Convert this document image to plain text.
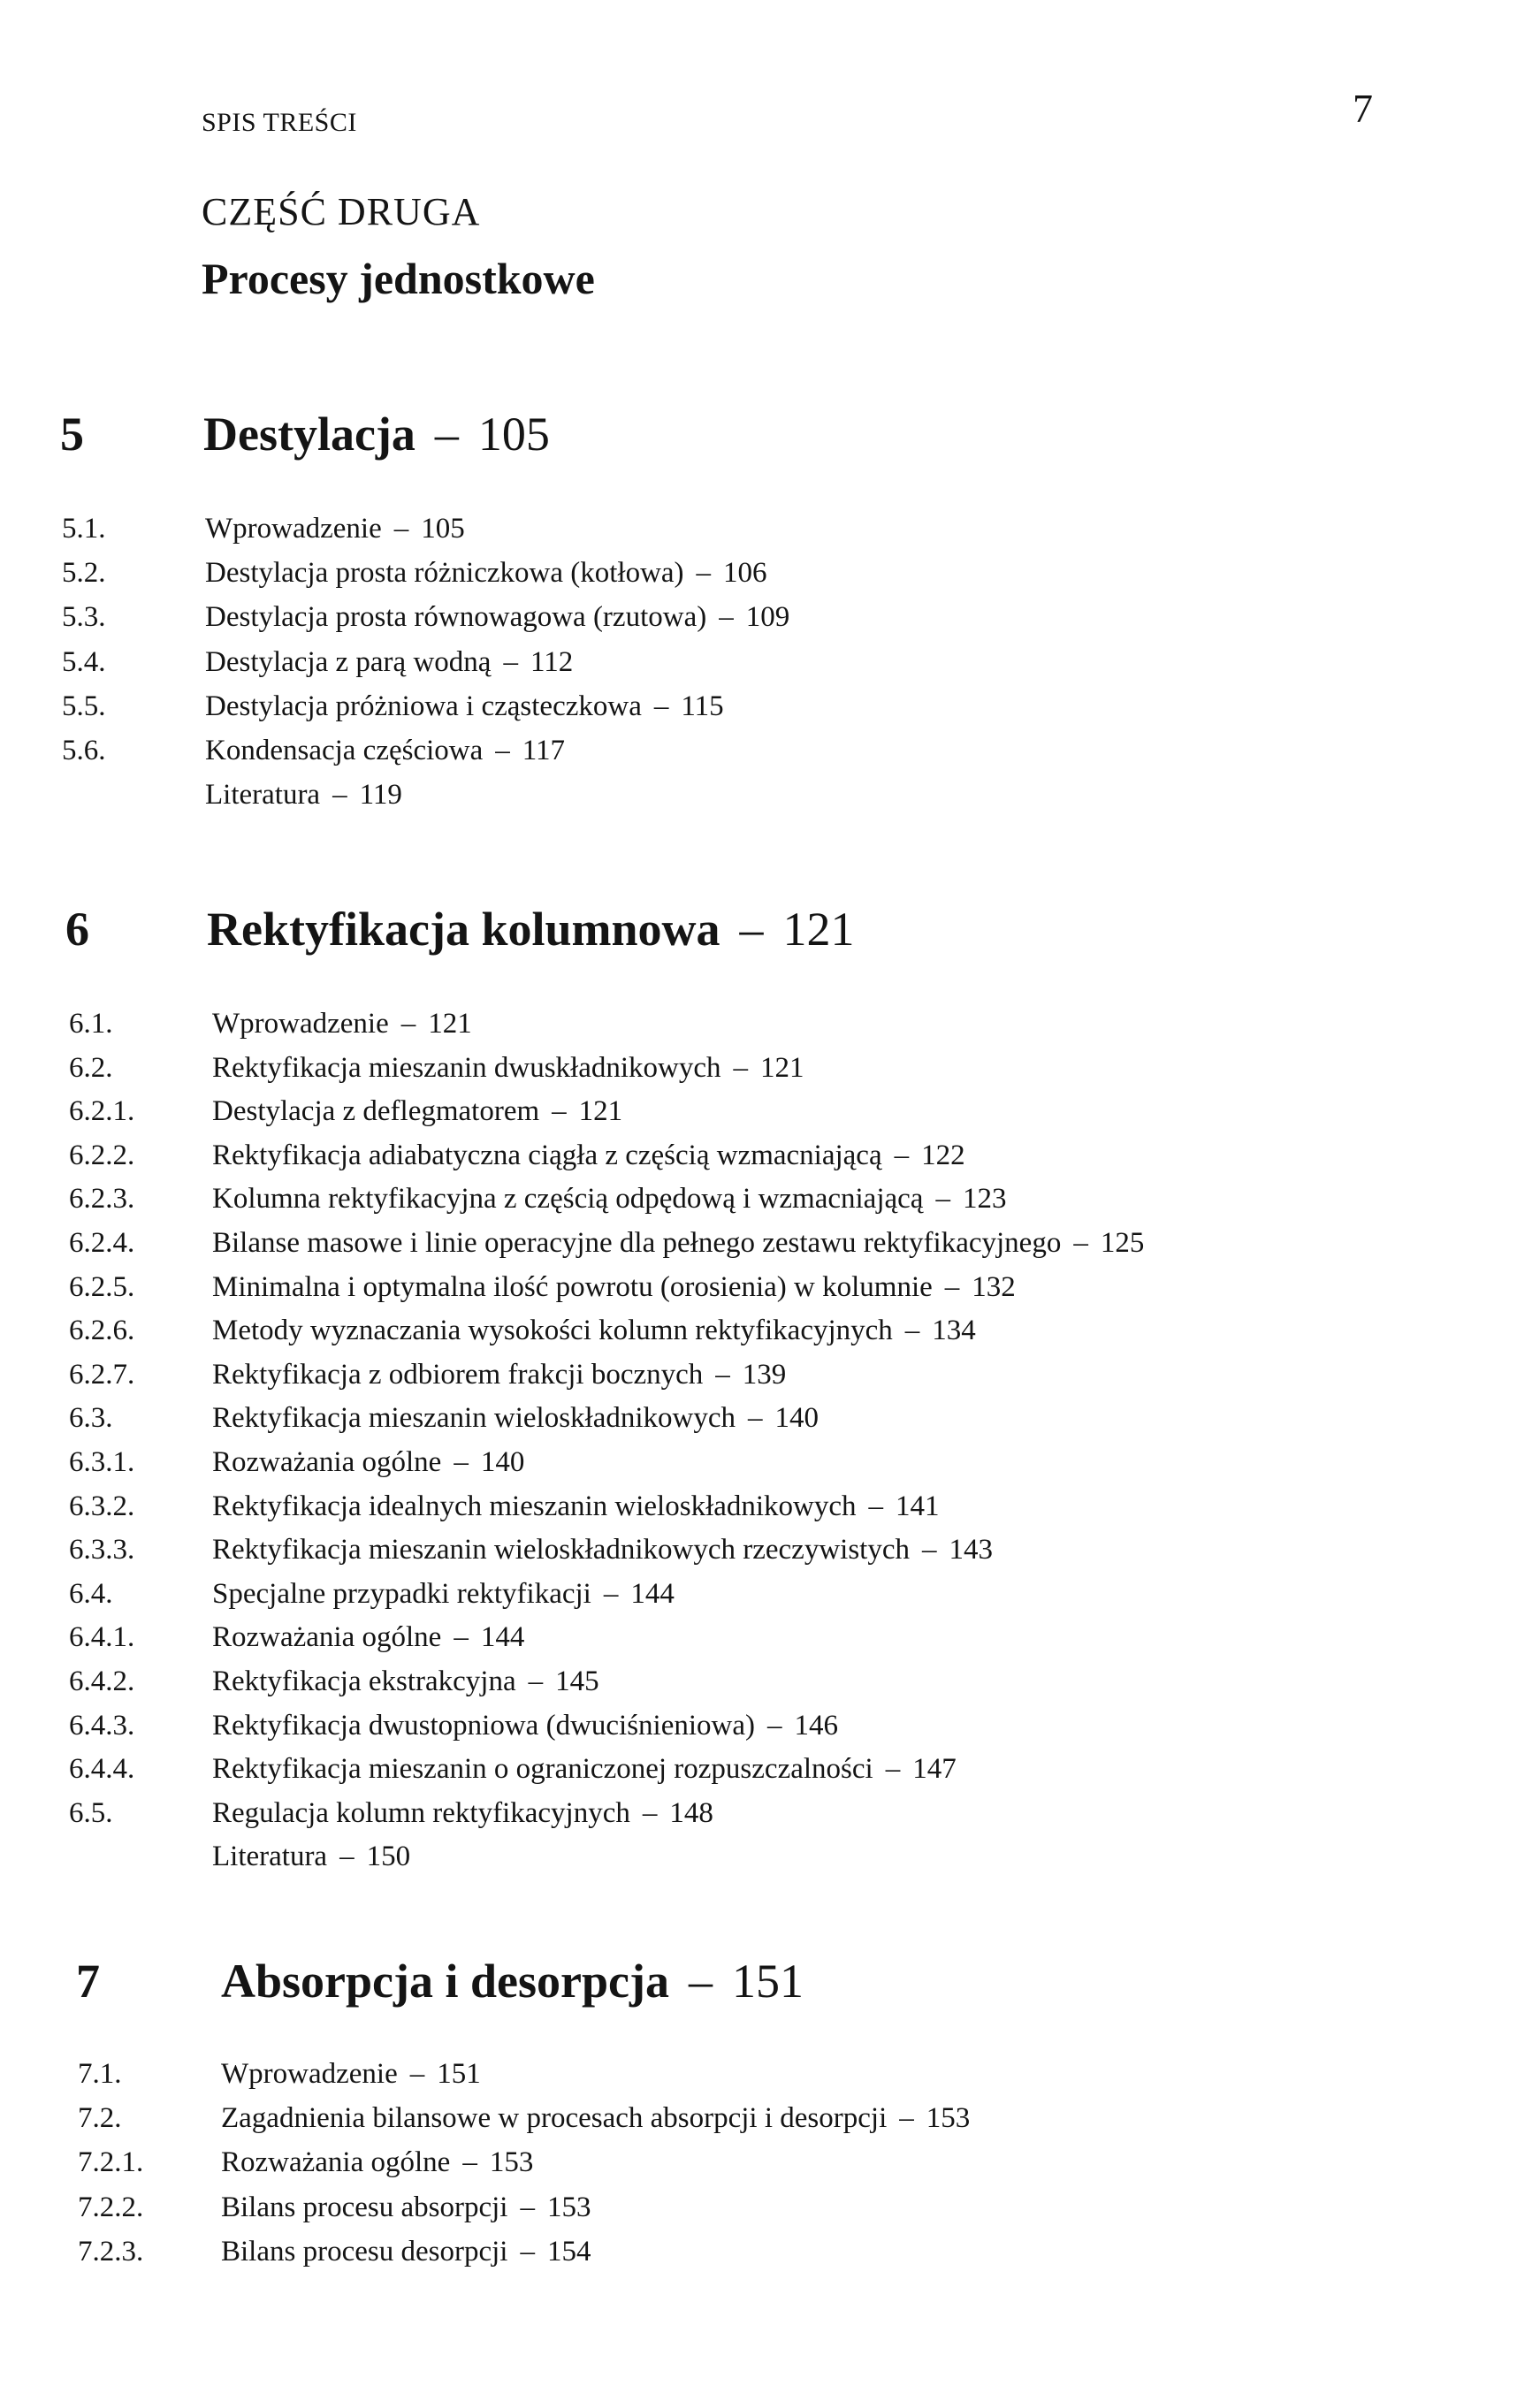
SPIS TREŚCI	7
CZĘŚĆ DRUGA
Procesy jednostkowe
5	Destylacja – 105
5.1.	Wprowadzenie – 105
5.2.	Destylacja prosta różniczkowa (kotłowa) – 106
5.3.	Destylacja prosta równowagowa (rzutowa) – 109
5.4.	Destylacja z parą wodną – 112
5.5.	Destylacja próżniowa i cząsteczkowa – 115
5.6.	Kondensacja częściowa – 117
Literatura – 119
6 Rektyfikacja kolumnowa – 121
6.1.	Wprowadzenie – 121
6.2.	Rektyfikacja mieszanin dwuskładnikowych – 121
6.2.1.	Destylacja z deflegmatorem – 121
6.2.2.	Rektyfikacja adiabatyczna ciągła z częścią wzmacniającą – 122
6.2.3.	Kolumna rektyfikacyjna z częścią odpędową i wzmacniającą – 123
6.2.4.	Bilanse masowe i linie operacyjne dla pełnego zestawu rektyfikacyjnego – 125
6.2.5.	Minimalna i optymalna ilość powrotu (orosienia) w kolumnie – 132
6.2.6.	Metody wyznaczania wysokości kolumn rektyfikacyjnych – 134
6.2.7.	Rektyfikacja z odbiorem frakcji bocznych – 139
6.3.	Rektyfikacja mieszanin wieloskładnikowych – 140
6.3.1.	Rozważania ogólne – 140
6.3.2.	Rektyfikacja idealnych mieszanin wieloskładnikowych – 141
6.3.3.	Rektyfikacja mieszanin wieloskładnikowych rzeczywistych – 143
6.4.	Specjalne przypadki rektyfikacji – 144
6.4.1.	Rozważania ogólne – 144
6.4.2.	Rektyfikacja ekstrakcyjna – 145
6.4.3.	Rektyfikacja dwustopniowa (dwuciśnieniowa) – 146
6.4.4.	Rektyfikacja mieszanin o ograniczonej rozpuszczalności – 147
6.5.	Regulacja kolumn rektyfikacyjnych – 148
Literatura – 150
7	Absorpcja i desorpcja – 151
7.1.	Wprowadzenie – 151
7.2.	Zagadnienia bilansowe w procesach absorpcji i desorpcji – 153
7.2.1.	Rozważania ogólne – 153
7.2.2.	Bilans procesu absorpcji – 153
7.2.3.	Bilans procesu desorpcji – 154
